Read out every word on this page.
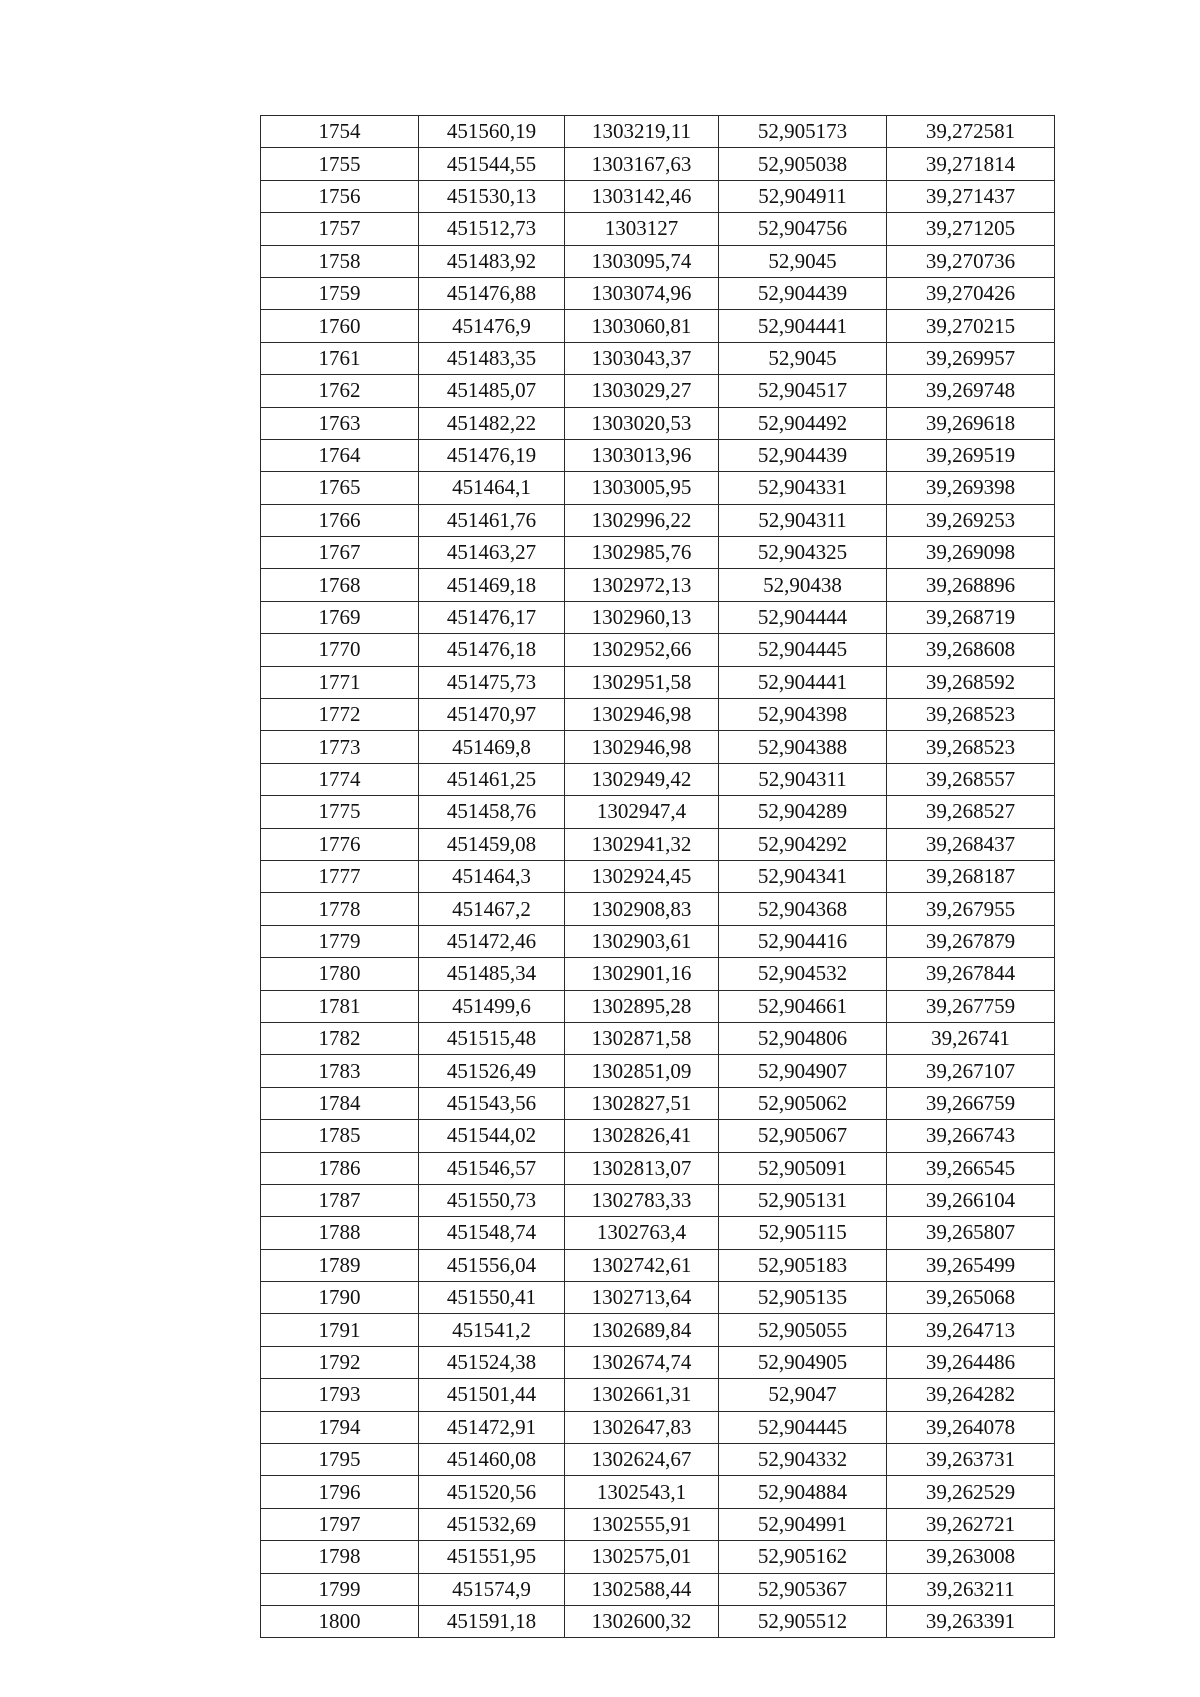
1754	451560,19	1303219,11	52,905173	39,272581
1755	451544,55	1303167,63	52,905038	39,271814
1756	451530,13	1303142,46	52,904911	39,271437
1757	451512,73	1303127	52,904756	39,271205
1758	451483,92	1303095,74	52,9045	39,270736
1759	451476,88	1303074,96	52,904439	39,270426
1760	451476,9	1303060,81	52,904441	39,270215
1761	451483,35	1303043,37	52,9045	39,269957
1762	451485,07	1303029,27	52,904517	39,269748
1763	451482,22	1303020,53	52,904492	39,269618
1764	451476,19	1303013,96	52,904439	39,269519
1765	451464,1	1303005,95	52,904331	39,269398
1766	451461,76	1302996,22	52,904311	39,269253
1767	451463,27	1302985,76	52,904325	39,269098
1768	451469,18	1302972,13	52,90438	39,268896
1769	451476,17	1302960,13	52,904444	39,268719
1770	451476,18	1302952,66	52,904445	39,268608
1771	451475,73	1302951,58	52,904441	39,268592
1772	451470,97	1302946,98	52,904398	39,268523
1773	451469,8	1302946,98	52,904388	39,268523
1774	451461,25	1302949,42	52,904311	39,268557
1775	451458,76	1302947,4	52,904289	39,268527
1776	451459,08	1302941,32	52,904292	39,268437
1777	451464,3	1302924,45	52,904341	39,268187
1778	451467,2	1302908,83	52,904368	39,267955
1779	451472,46	1302903,61	52,904416	39,267879
1780	451485,34	1302901,16	52,904532	39,267844
1781	451499,6	1302895,28	52,904661	39,267759
1782	451515,48	1302871,58	52,904806	39,26741
1783	451526,49	1302851,09	52,904907	39,267107
1784	451543,56	1302827,51	52,905062	39,266759
1785	451544,02	1302826,41	52,905067	39,266743
1786	451546,57	1302813,07	52,905091	39,266545
1787	451550,73	1302783,33	52,905131	39,266104
1788	451548,74	1302763,4	52,905115	39,265807
1789	451556,04	1302742,61	52,905183	39,265499
1790	451550,41	1302713,64	52,905135	39,265068
1791	451541,2	1302689,84	52,905055	39,264713
1792	451524,38	1302674,74	52,904905	39,264486
1793	451501,44	1302661,31	52,9047	39,264282
1794	451472,91	1302647,83	52,904445	39,264078
1795	451460,08	1302624,67	52,904332	39,263731
1796	451520,56	1302543,1	52,904884	39,262529
1797	451532,69	1302555,91	52,904991	39,262721
1798	451551,95	1302575,01	52,905162	39,263008
1799	451574,9	1302588,44	52,905367	39,263211
1800	451591,18	1302600,32	52,905512	39,263391
